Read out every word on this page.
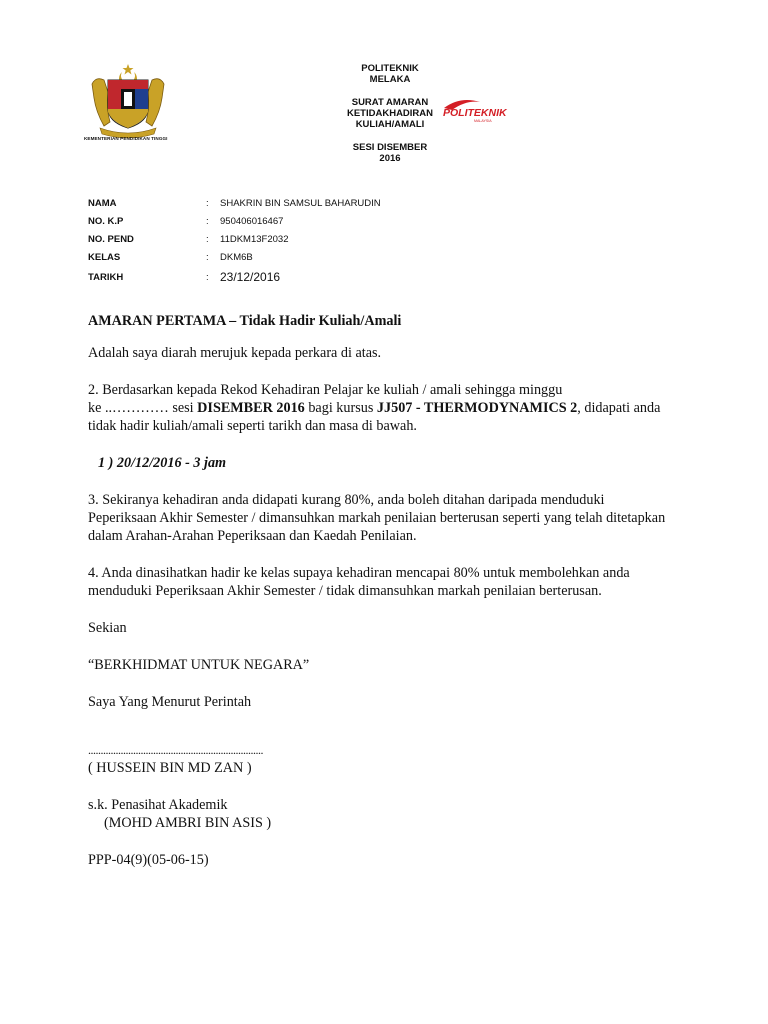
KEMENTERIAN PENDIDIKAN TINGGI
POLITEKNIK
MELAKA
SURAT AMARAN
KETIDAKHADIRAN
KULIAH/AMALI
SESI DISEMBER
2016
POLITEKNIK
MALAYSIA
NAMA	: SHAKRIN BIN SAMSUL BAHARUDIN
NO. K.P	: 950406016467
NO. PEND	: 11DKM13F2032
KELAS	: DKM6B
TARIKH	: 23/12/2016
AMARAN PERTAMA – Tidak Hadir Kuliah/Amali
Adalah saya diarah merujuk kepada perkara di atas.
2. Berdasarkan kepada Rekod Kehadiran Pelajar ke kuliah / amali sehingga minggu
ke ..………… sesi DISEMBER 2016 bagi kursus JJ507 - THERMODYNAMICS 2, didapati anda
tidak hadir kuliah/amali seperti tarikh dan masa di bawah.
1 ) 20/12/2016 - 3 jam
3. Sekiranya kehadiran anda didapati kurang 80%, anda boleh ditahan daripada menduduki Peperiksaan Akhir Semester / dimansuhkan markah penilaian berterusan seperti yang telah ditetapkan dalam Arahan-Arahan Peperiksaan dan Kaedah Penilaian.
4. Anda dinasihatkan hadir ke kelas supaya kehadiran mencapai 80% untuk membolehkan anda menduduki Peperiksaan Akhir Semester / tidak dimansuhkan markah penilaian berterusan.
Sekian
“BERKHIDMAT UNTUK NEGARA”
Saya Yang Menurut Perintah
......................................................................
( HUSSEIN BIN MD ZAN )
s.k. Penasihat Akademik
(MOHD AMBRI BIN ASIS )
PPP-04(9)(05-06-15)
